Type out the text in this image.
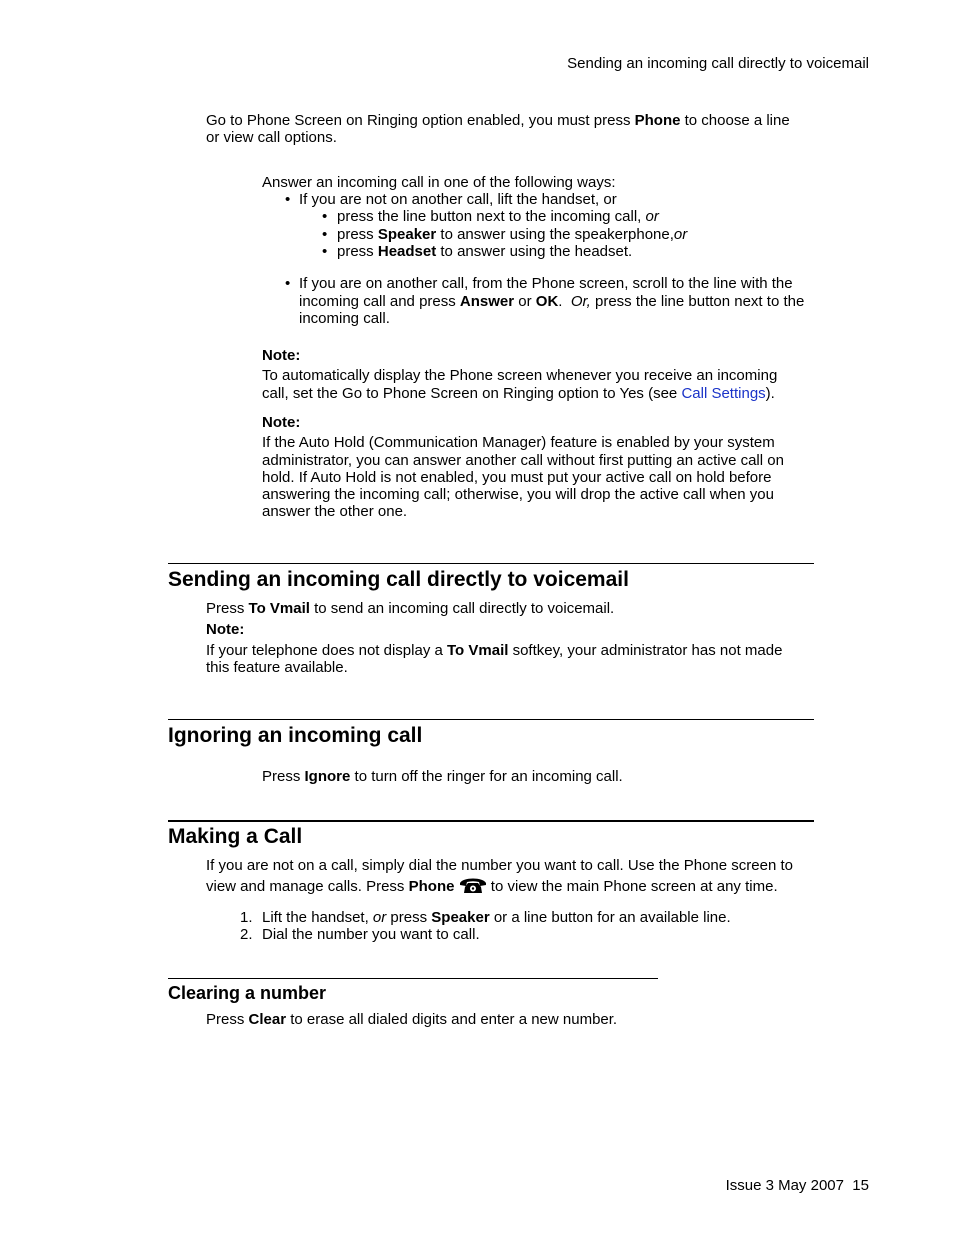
Sending an incoming call directly to voicemail
Go to Phone Screen on Ringing option enabled, you must press Phone to choose a line
or view call options.
Answer an incoming call in one of the following ways:
• If you are not on another call, lift the handset, or
• press the line button next to the incoming call, or
• press Speaker to answer using the speakerphone,or
• press Headset to answer using the headset.
• If you are on another call, from the Phone screen, scroll to the line with the
incoming call and press Answer or OK.  Or, press the line button next to the
incoming call.
Note:
To automatically display the Phone screen whenever you receive an incoming
call, set the Go to Phone Screen on Ringing option to Yes (see Call Settings).
Note:
If the Auto Hold (Communication Manager) feature is enabled by your system
administrator, you can answer another call without first putting an active call on
hold. If Auto Hold is not enabled, you must put your active call on hold before
answering the incoming call; otherwise, you will drop the active call when you
answer the other one.
Sending an incoming call directly to voicemail
Press To Vmail to send an incoming call directly to voicemail.
Note:
If your telephone does not display a To Vmail softkey, your administrator has not made
this feature available.
Ignoring an incoming call
Press Ignore to turn off the ringer for an incoming call.
Making a Call
If you are not on a call, simply dial the number you want to call. Use the Phone screen to
view and manage calls. Press Phone  to view the main Phone screen at any time.
1. Lift the handset, or press Speaker or a line button for an available line.
2. Dial the number you want to call.
Clearing a number
Press Clear to erase all dialed digits and enter a new number.
Issue 3 May 2007  15
